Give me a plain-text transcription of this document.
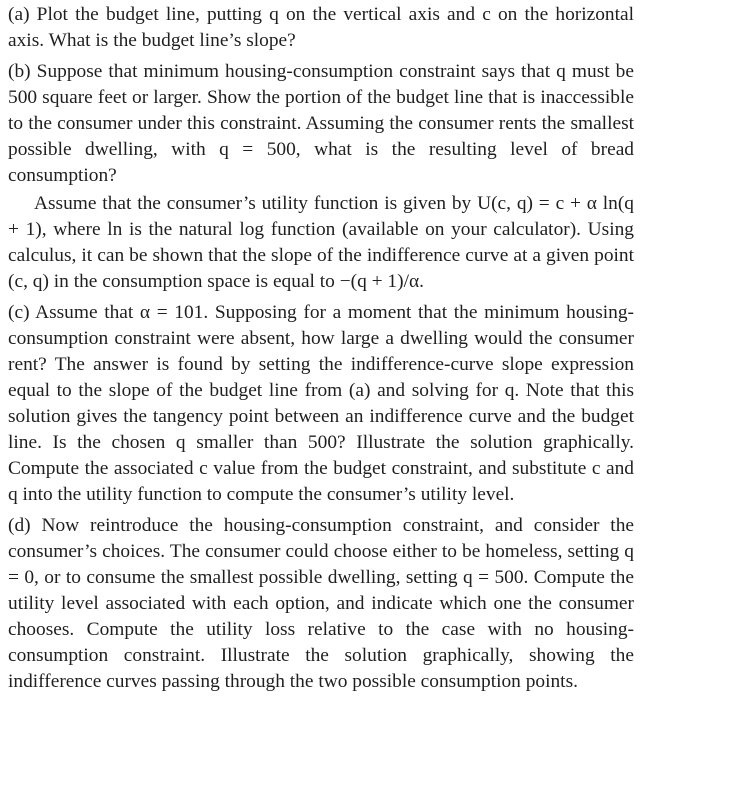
(a) Plot the budget line, putting q on the vertical axis and c on the horizontal axis. What is the budget line’s slope?

(b) Suppose that minimum housing-consumption constraint says that q must be 500 square feet or larger. Show the portion of the budget line that is inaccessible to the consumer under this constraint. Assuming the consumer rents the smallest possible dwelling, with q = 500, what is the resulting level of bread consumption?

Assume that the consumer’s utility function is given by U(c, q) = c + α ln(q + 1), where ln is the natural log function (available on your calculator). Using calculus, it can be shown that the slope of the indifference curve at a given point (c, q) in the consumption space is equal to −(q + 1)/α.

(c) Assume that α = 101. Supposing for a moment that the minimum housing-consumption constraint were absent, how large a dwelling would the consumer rent? The answer is found by setting the indifference-curve slope expression equal to the slope of the budget line from (a) and solving for q. Note that this solution gives the tangency point between an indifference curve and the budget line. Is the chosen q smaller than 500? Illustrate the solution graphically. Compute the associated c value from the budget constraint, and substitute c and q into the utility function to compute the consumer’s utility level.

(d) Now reintroduce the housing-consumption constraint, and consider the consumer’s choices. The consumer could choose either to be homeless, setting q = 0, or to consume the smallest possible dwelling, setting q = 500. Compute the utility level associated with each option, and indicate which one the consumer chooses. Compute the utility loss relative to the case with no housing-consumption constraint. Illustrate the solution graphically, showing the indifference curves passing through the two possible consumption points.
